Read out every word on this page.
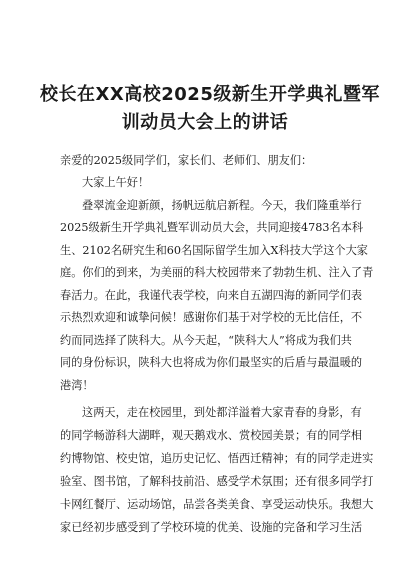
校长在XX高校2025级新生开学典礼暨军
训动员大会上的讲话
亲爱的2025级同学们，家长们、老师们、朋友们：
大家上午好！
叠翠流金迎新颜，扬帆远航启新程。今天，我们隆重举行
2025级新生开学典礼暨军训动员大会，共同迎接4783名本科
生、2102名研究生和60名国际留学生加入X科技大学这个大家
庭。你们的到来，为美丽的科大校园带来了勃勃生机、注入了青
春活力。在此，我谨代表学校，向来自五湖四海的新同学们表
示热烈欢迎和诚挚问候！感谢你们基于对学校的无比信任，不
约而同选择了陕科大。从今天起，“陕科大人”将成为我们共
同的身份标识，陕科大也将成为你们最坚实的后盾与最温暖的
港湾！
这两天，走在校园里，到处都洋溢着大家青春的身影，有
的同学畅游科大湖畔，观天鹅戏水、赏校园美景；有的同学相
约博物馆、校史馆，追历史记忆、悟西迁精神；有的同学走进实
验室、图书馆，了解科技前沿、感受学术氛围；还有很多同学打
卡网红餐厅、运动场馆，品尝各类美食、享受运动快乐。我想大
家已经初步感受到了学校环境的优美、设施的完备和学习生活
